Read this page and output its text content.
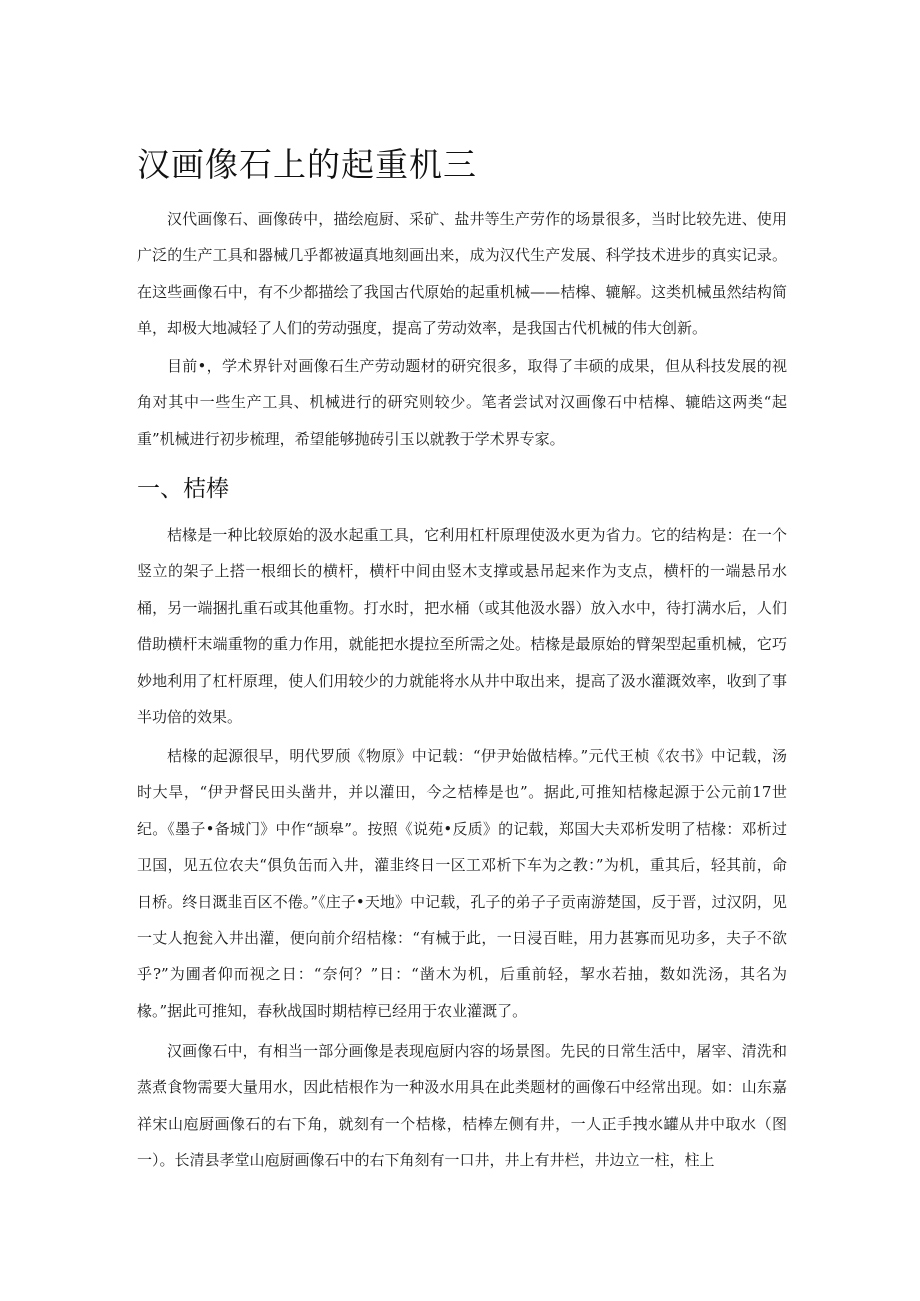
汉画像石上的起重机三

汉代画像石、画像砖中，描绘庖厨、采矿、盐井等生产劳作的场景很多，当时比较先进、使用广泛的生产工具和器械几乎都被逼真地刻画出来，成为汉代生产发展、科学技术进步的真实记录。在这些画像石中，有不少都描绘了我国古代原始的起重机械——桔槔、辘解。这类机械虽然结构简单，却极大地减轻了人们的劳动强度，提高了劳动效率，是我国古代机械的伟大创新。

目前•，学术界针对画像石生产劳动题材的研究很多，取得了丰硕的成果，但从科技发展的视角对其中一些生产工具、机械进行的研究则较少。笔者尝试对汉画像石中桔槔、辘皓这两类“起重”机械进行初步梳理，希望能够抛砖引玉以就教于学术界专家。

一、桔棒

桔椽是一种比较原始的汲水起重工具，它利用杠杆原理使汲水更为省力。它的结构是：在一个竖立的架子上搭一根细长的横杆，横杆中间由竖木支撑或悬吊起来作为支点，横杆的一端悬吊水桶，另一端捆扎重石或其他重物。打水时，把水桶（或其他汲水器）放入水中，待打满水后，人们借助横杆末端重物的重力作用，就能把水提拉至所需之处。桔椽是最原始的臂架型起重机械，它巧妙地利用了杠杆原理，使人们用较少的力就能将水从井中取出来，提高了汲水灌溉效率，收到了事半功倍的效果。

桔椽的起源很早，明代罗颀《物原》中记载：“伊尹始做桔棒。”元代王桢《农书》中记载，汤时大旱，“伊尹督民田头凿井，并以灌田，今之桔棒是也”。据此,可推知桔椽起源于公元前17世纪。《墨子•备城门》中作“颉皋”。按照《说苑•反质》的记载，郑国大夫邓析发明了桔椽：邓析过卫国，见五位农夫“俱负缶而入井，灌韭终日一区工邓析下车为之教：”为机，重其后，轻其前，命日桥。终日溉韭百区不倦。”《庄子•天地》中记载，孔子的弟子子贡南游楚国，反于晋，过汉阴，见一丈人抱瓮入井出灌，便向前介绍桔椽：“有械于此，一日浸百畦，用力甚寡而见功多，夫子不欲乎?”为圃者仰而视之日：“奈何？”日：“凿木为机，后重前轻，挈水若抽，数如洗汤，其名为椽。”据此可推知，春秋战国时期桔椁已经用于农业灌溉了。

汉画像石中，有相当一部分画像是表现庖厨内容的场景图。先民的日常生活中，屠宰、清洗和蒸煮食物需要大量用水，因此桔根作为一种汲水用具在此类题材的画像石中经常出现。如：山东嘉祥宋山庖厨画像石的右下角，就刻有一个桔椽，桔棒左侧有井，一人正手拽水罐从井中取水（图一）。长清县孝堂山庖厨画像石中的右下角刻有一口井，井上有井栏，井边立一柱，柱上
